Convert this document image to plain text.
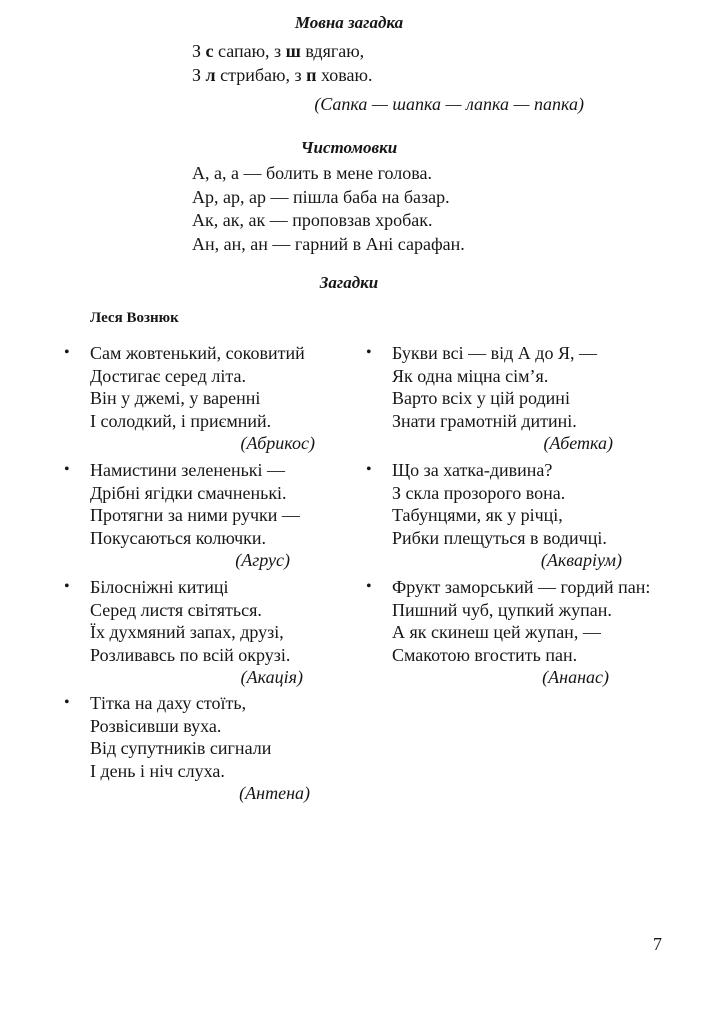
Мовна загадка
З с сапаю, з ш вдягаю,
З л стрибаю, з п ховаю.
(Сапка — шапка — лапка — папка)
Чистомовки
А, а, а — болить в мене голова.
Ар, ар, ар — пішла баба на базар.
Ак, ак, ак — проповзав хробак.
Ан, ан, ан — гарний в Ані сарафан.
Загадки
Леся Вознюк
• Сам жовтенький, соковитий
Достигає серед літа.
Він у джемі, у варенні
І солодкий, і приємний.
(Абрикос)
• Букви всі — від А до Я, —
Як одна міцна сім’я.
Варто всіх у цій родині
Знати грамотній дитині.
(Абетка)
• Намистини зелененькі —
Дрібні ягідки смачненькі.
Протягни за ними ручки —
Покусаються колючки.
(Агрус)
• Що за хатка-дивина?
З скла прозорого вона.
Табунцями, як у річці,
Рибки плещуться в водичці.
(Акваріум)
• Білосніжні китиці
Серед листя світяться.
Їх духмяний запах, друзі,
Розливавсь по всій окрузі.
(Акація)
• Фрукт заморський — гордий пан:
Пишний чуб, цупкий жупан.
А як скинеш цей жупан, —
Смакотою вгостить пан.
(Ананас)
• Тітка на даху стоїть,
Розвісивши вуха.
Від супутників сигнали
І день і ніч слуха.
(Антена)
7
